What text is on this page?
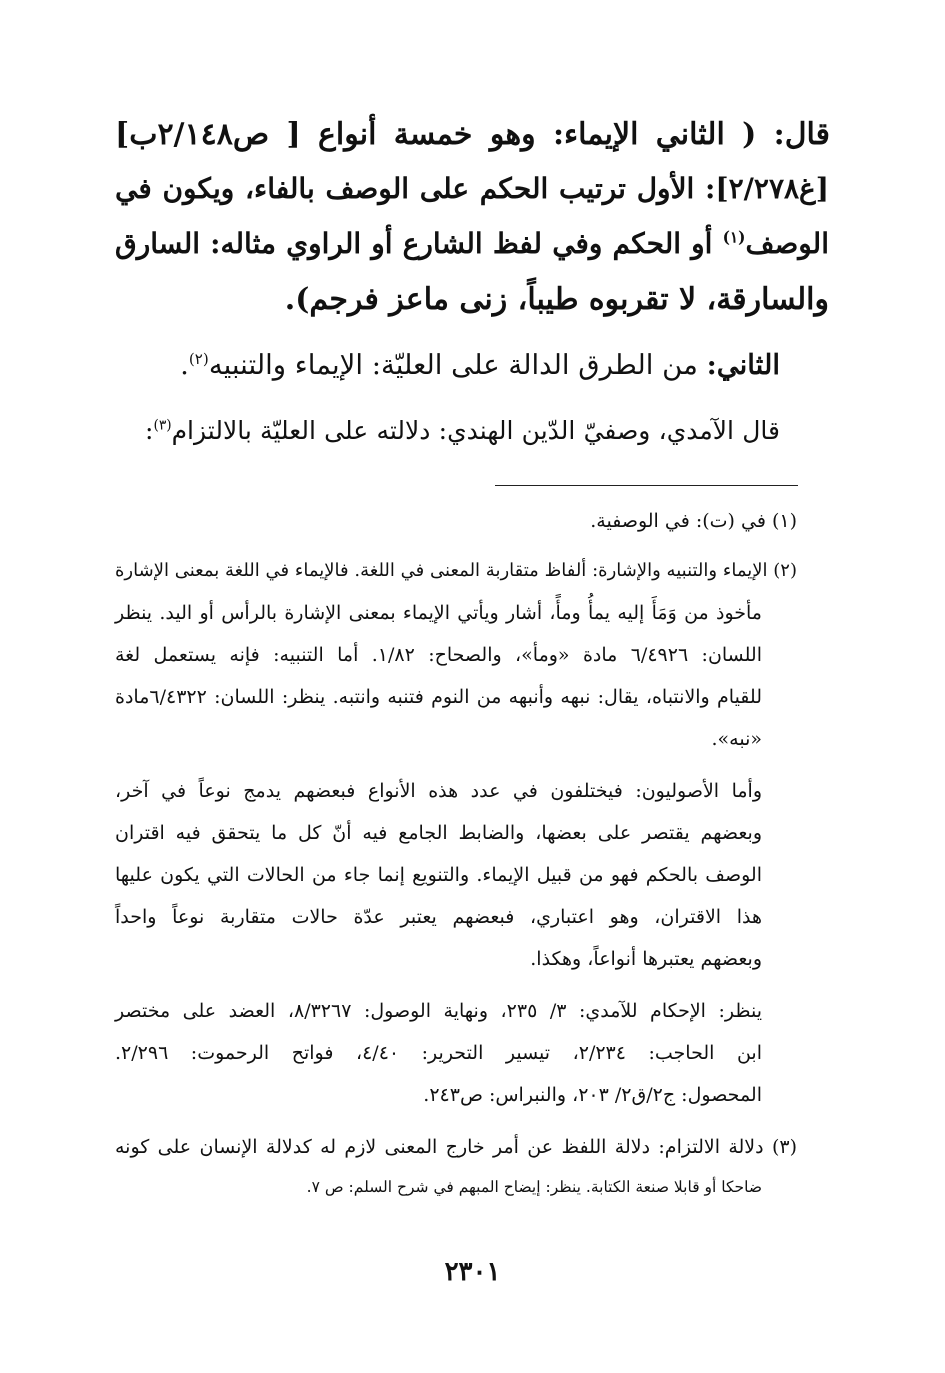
قال: ( الثاني الإيماء: وهو خمسة أنواع [ ص٢/١٤٨ب]
[غ٢/٢٧٨]: الأول ترتيب الحكم على الوصف بالفاء، ويكون في
الوصف$^{(١)}$ أو الحكم وفي لفظ الشارع أو الراوي مثاله: السارق
والسارقة، لا تقربوه طيباً، زنى ماعز فرجم).
الثاني: من الطرق الدالة على العليّة: الإيماء والتنبيه$^{(٢)}$.
قال الآمدي، وصفيّ الدّين الهندي: دلالته على العليّة بالالتزام$^{(٣)}$:
(١) في (ت): في الوصفية.
(٢) الإيماء والتنبيه والإشارة: ألفاظ متقاربة المعنى في اللغة. فالإيماء في اللغة بمعنى الإشارة
مأخوذ من وَمَأَ إليه يمأُ ومأً، أشار ويأتي الإيماء بمعنى الإشارة بالرأس أو اليد. ينظر
اللسان: ٦/٤٩٢٦ مادة «ومأ»، والصحاح: ١/٨٢. أما التنبيه: فإنه يستعمل لغة
للقيام والانتباه، يقال: نبهه وأنبهه من النوم فتنبه وانتبه. ينظر: اللسان: ٦/٤٣٢٢مادة
«نبه».
وأما الأصوليون: فيختلفون في عدد هذه الأنواع فبعضهم يدمج نوعاً في آخر،
وبعضهم يقتصر على بعضها، والضابط الجامع فيه أنّ كل ما يتحقق فيه اقتران
الوصف بالحكم فهو من قبيل الإيماء. والتنويع إنما جاء من الحالات التي يكون عليها
هذا الاقتران، وهو اعتباري، فبعضهم يعتبر عدّة حالات متقاربة نوعاً واحداً
وبعضهم يعتبرها أنواعاً، وهكذا.
ينظر: الإحكام للآمدي: ٣/ ٢٣٥، ونهاية الوصول: ٨/٣٢٦٧، العضد على مختصر
ابن الحاجب: ٢/٢٣٤، تيسير التحرير: ٤/٤٠، فواتح الرحموت: ٢/٢٩٦.
المحصول: ج٢/ق٢/ ٢٠٣، والنبراس: ص٢٤٣.
(٣) دلالة الالتزام: دلالة اللفظ عن أمر خارج المعنى لازم له كدلالة الإنسان على كونه
ضاحكا أو قابلا صنعة الكتابة. ينظر: إيضاح المبهم في شرح السلم: ص ٧.
٢٣٠١
